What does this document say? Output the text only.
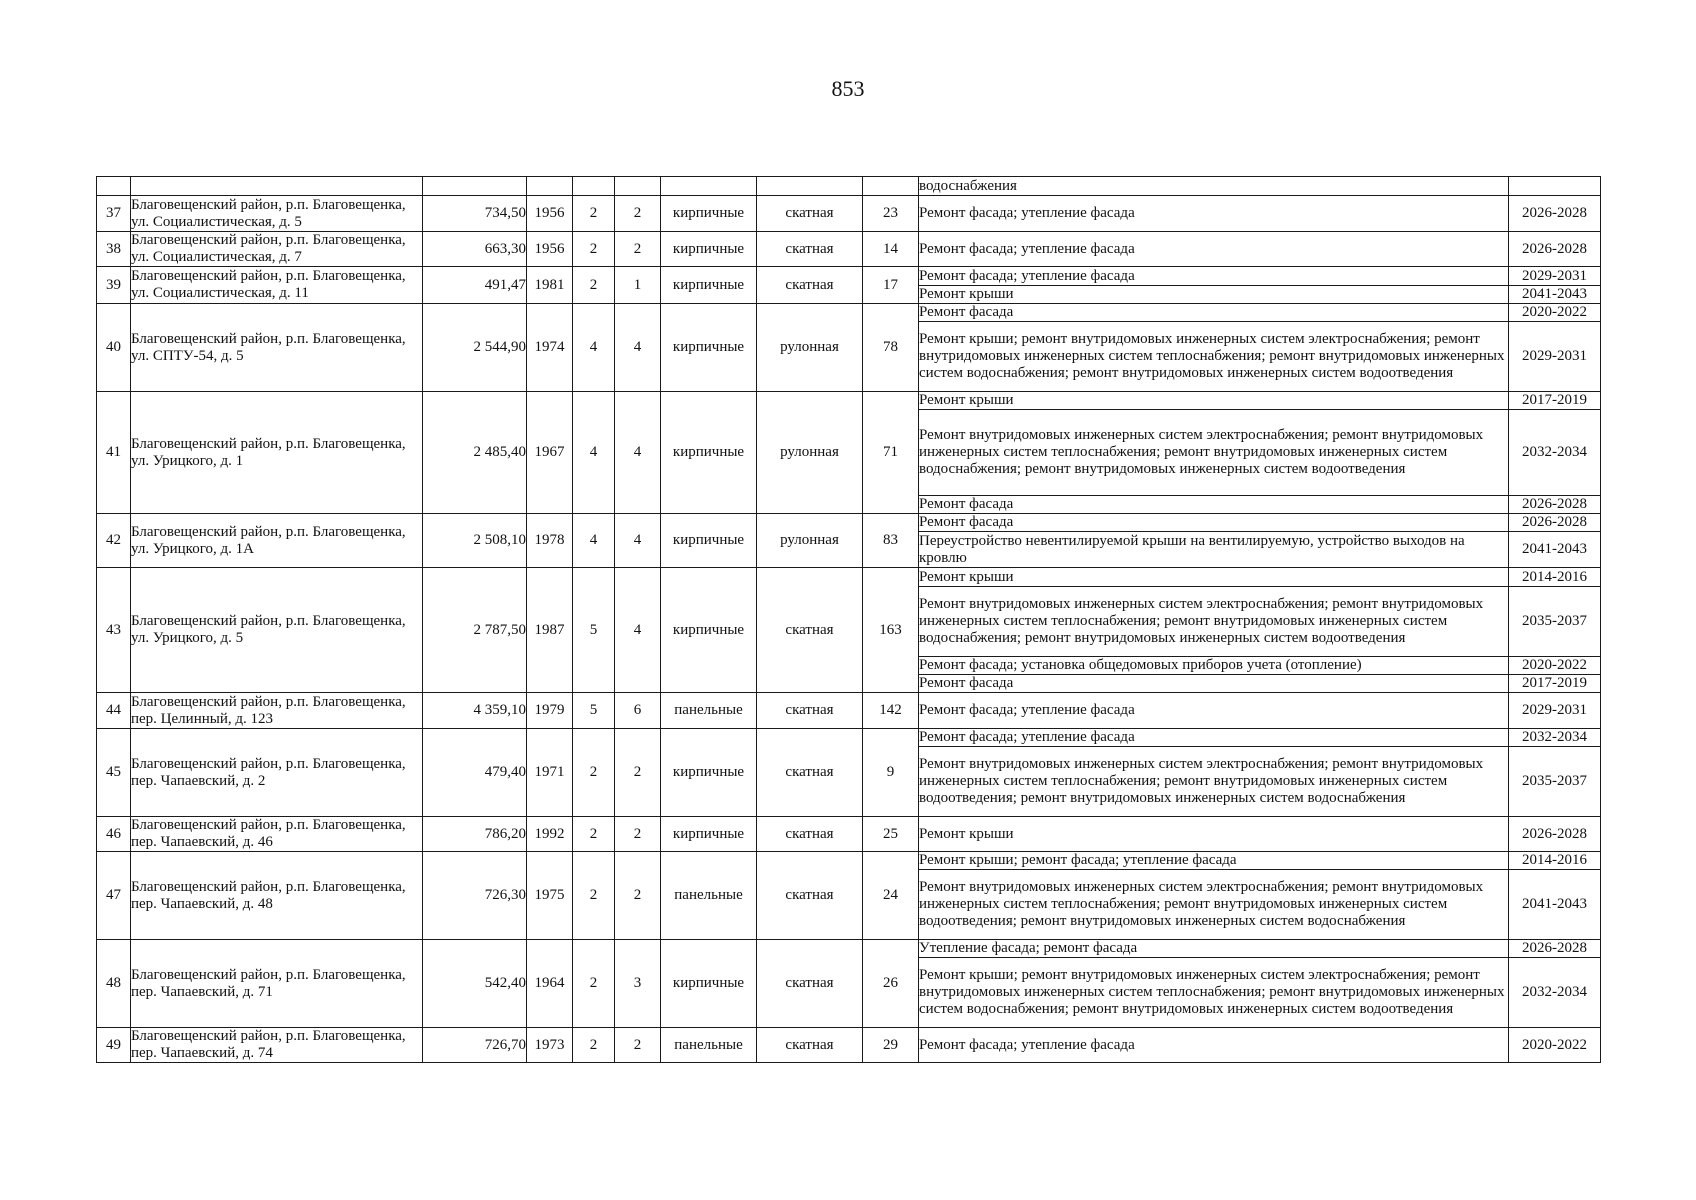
853
									водоснабжения	
37	Благовещенский район, р.п. Благовещенка, ул. Социалистическая, д. 5	734,50	1956	2	2	кирпичные	скатная	23	Ремонт фасада; утепление фасада	2026-2028
38	Благовещенский район, р.п. Благовещенка, ул. Социалистическая, д. 7	663,30	1956	2	2	кирпичные	скатная	14	Ремонт фасада; утепление фасада	2026-2028
39	Благовещенский район, р.п. Благовещенка, ул. Социалистическая, д. 11	491,47	1981	2	1	кирпичные	скатная	17	Ремонт фасада; утепление фасада	2029-2031
									Ремонт крыши	2041-2043
40	Благовещенский район, р.п. Благовещенка, ул. СПТУ-54, д. 5	2 544,90	1974	4	4	кирпичные	рулонная	78	Ремонт фасада	2020-2022
									Ремонт крыши; ремонт внутридомовых инженерных систем электроснабжения; ремонт внутридомовых инженерных систем теплоснабжения; ремонт внутридомовых инженерных систем водоснабжения; ремонт внутридомовых инженерных систем водоотведения	2029-2031
41	Благовещенский район, р.п. Благовещенка, ул. Урицкого, д. 1	2 485,40	1967	4	4	кирпичные	рулонная	71	Ремонт крыши	2017-2019
									Ремонт внутридомовых инженерных систем электроснабжения; ремонт внутридомовых инженерных систем теплоснабжения; ремонт внутридомовых инженерных систем водоснабжения; ремонт внутридомовых инженерных систем водоотведения	2032-2034
									Ремонт фасада	2026-2028
42	Благовещенский район, р.п. Благовещенка, ул. Урицкого, д. 1А	2 508,10	1978	4	4	кирпичные	рулонная	83	Ремонт фасада	2026-2028
									Переустройство невентилируемой крыши на вентилируемую, устройство выходов на кровлю	2041-2043
43	Благовещенский район, р.п. Благовещенка, ул. Урицкого, д. 5	2 787,50	1987	5	4	кирпичные	скатная	163	Ремонт крыши	2014-2016
									Ремонт внутридомовых инженерных систем электроснабжения; ремонт внутридомовых инженерных систем теплоснабжения; ремонт внутридомовых инженерных систем водоснабжения; ремонт внутридомовых инженерных систем водоотведения	2035-2037
									Ремонт фасада; установка общедомовых приборов учета (отопление)	2020-2022
									Ремонт фасада	2017-2019
44	Благовещенский район, р.п. Благовещенка, пер. Целинный, д. 123	4 359,10	1979	5	6	панельные	скатная	142	Ремонт фасада; утепление фасада	2029-2031
45	Благовещенский район, р.п. Благовещенка, пер. Чапаевский, д. 2	479,40	1971	2	2	кирпичные	скатная	9	Ремонт фасада; утепление фасада	2032-2034
									Ремонт внутридомовых инженерных систем электроснабжения; ремонт внутридомовых инженерных систем теплоснабжения; ремонт внутридомовых инженерных систем водоотведения; ремонт внутридомовых инженерных систем водоснабжения	2035-2037
46	Благовещенский район, р.п. Благовещенка, пер. Чапаевский, д. 46	786,20	1992	2	2	кирпичные	скатная	25	Ремонт крыши	2026-2028
47	Благовещенский район, р.п. Благовещенка, пер. Чапаевский, д. 48	726,30	1975	2	2	панельные	скатная	24	Ремонт крыши; ремонт фасада; утепление фасада	2014-2016
									Ремонт внутридомовых инженерных систем электроснабжения; ремонт внутридомовых инженерных систем теплоснабжения; ремонт внутридомовых инженерных систем водоотведения; ремонт внутридомовых инженерных систем водоснабжения	2041-2043
48	Благовещенский район, р.п. Благовещенка, пер. Чапаевский, д. 71	542,40	1964	2	3	кирпичные	скатная	26	Утепление фасада; ремонт фасада	2026-2028
									Ремонт крыши; ремонт внутридомовых инженерных систем электроснабжения; ремонт внутридомовых инженерных систем теплоснабжения; ремонт внутридомовых инженерных систем водоснабжения; ремонт внутридомовых инженерных систем водоотведения	2032-2034
49	Благовещенский район, р.п. Благовещенка, пер. Чапаевский, д. 74	726,70	1973	2	2	панельные	скатная	29	Ремонт фасада; утепление фасада	2020-2022
